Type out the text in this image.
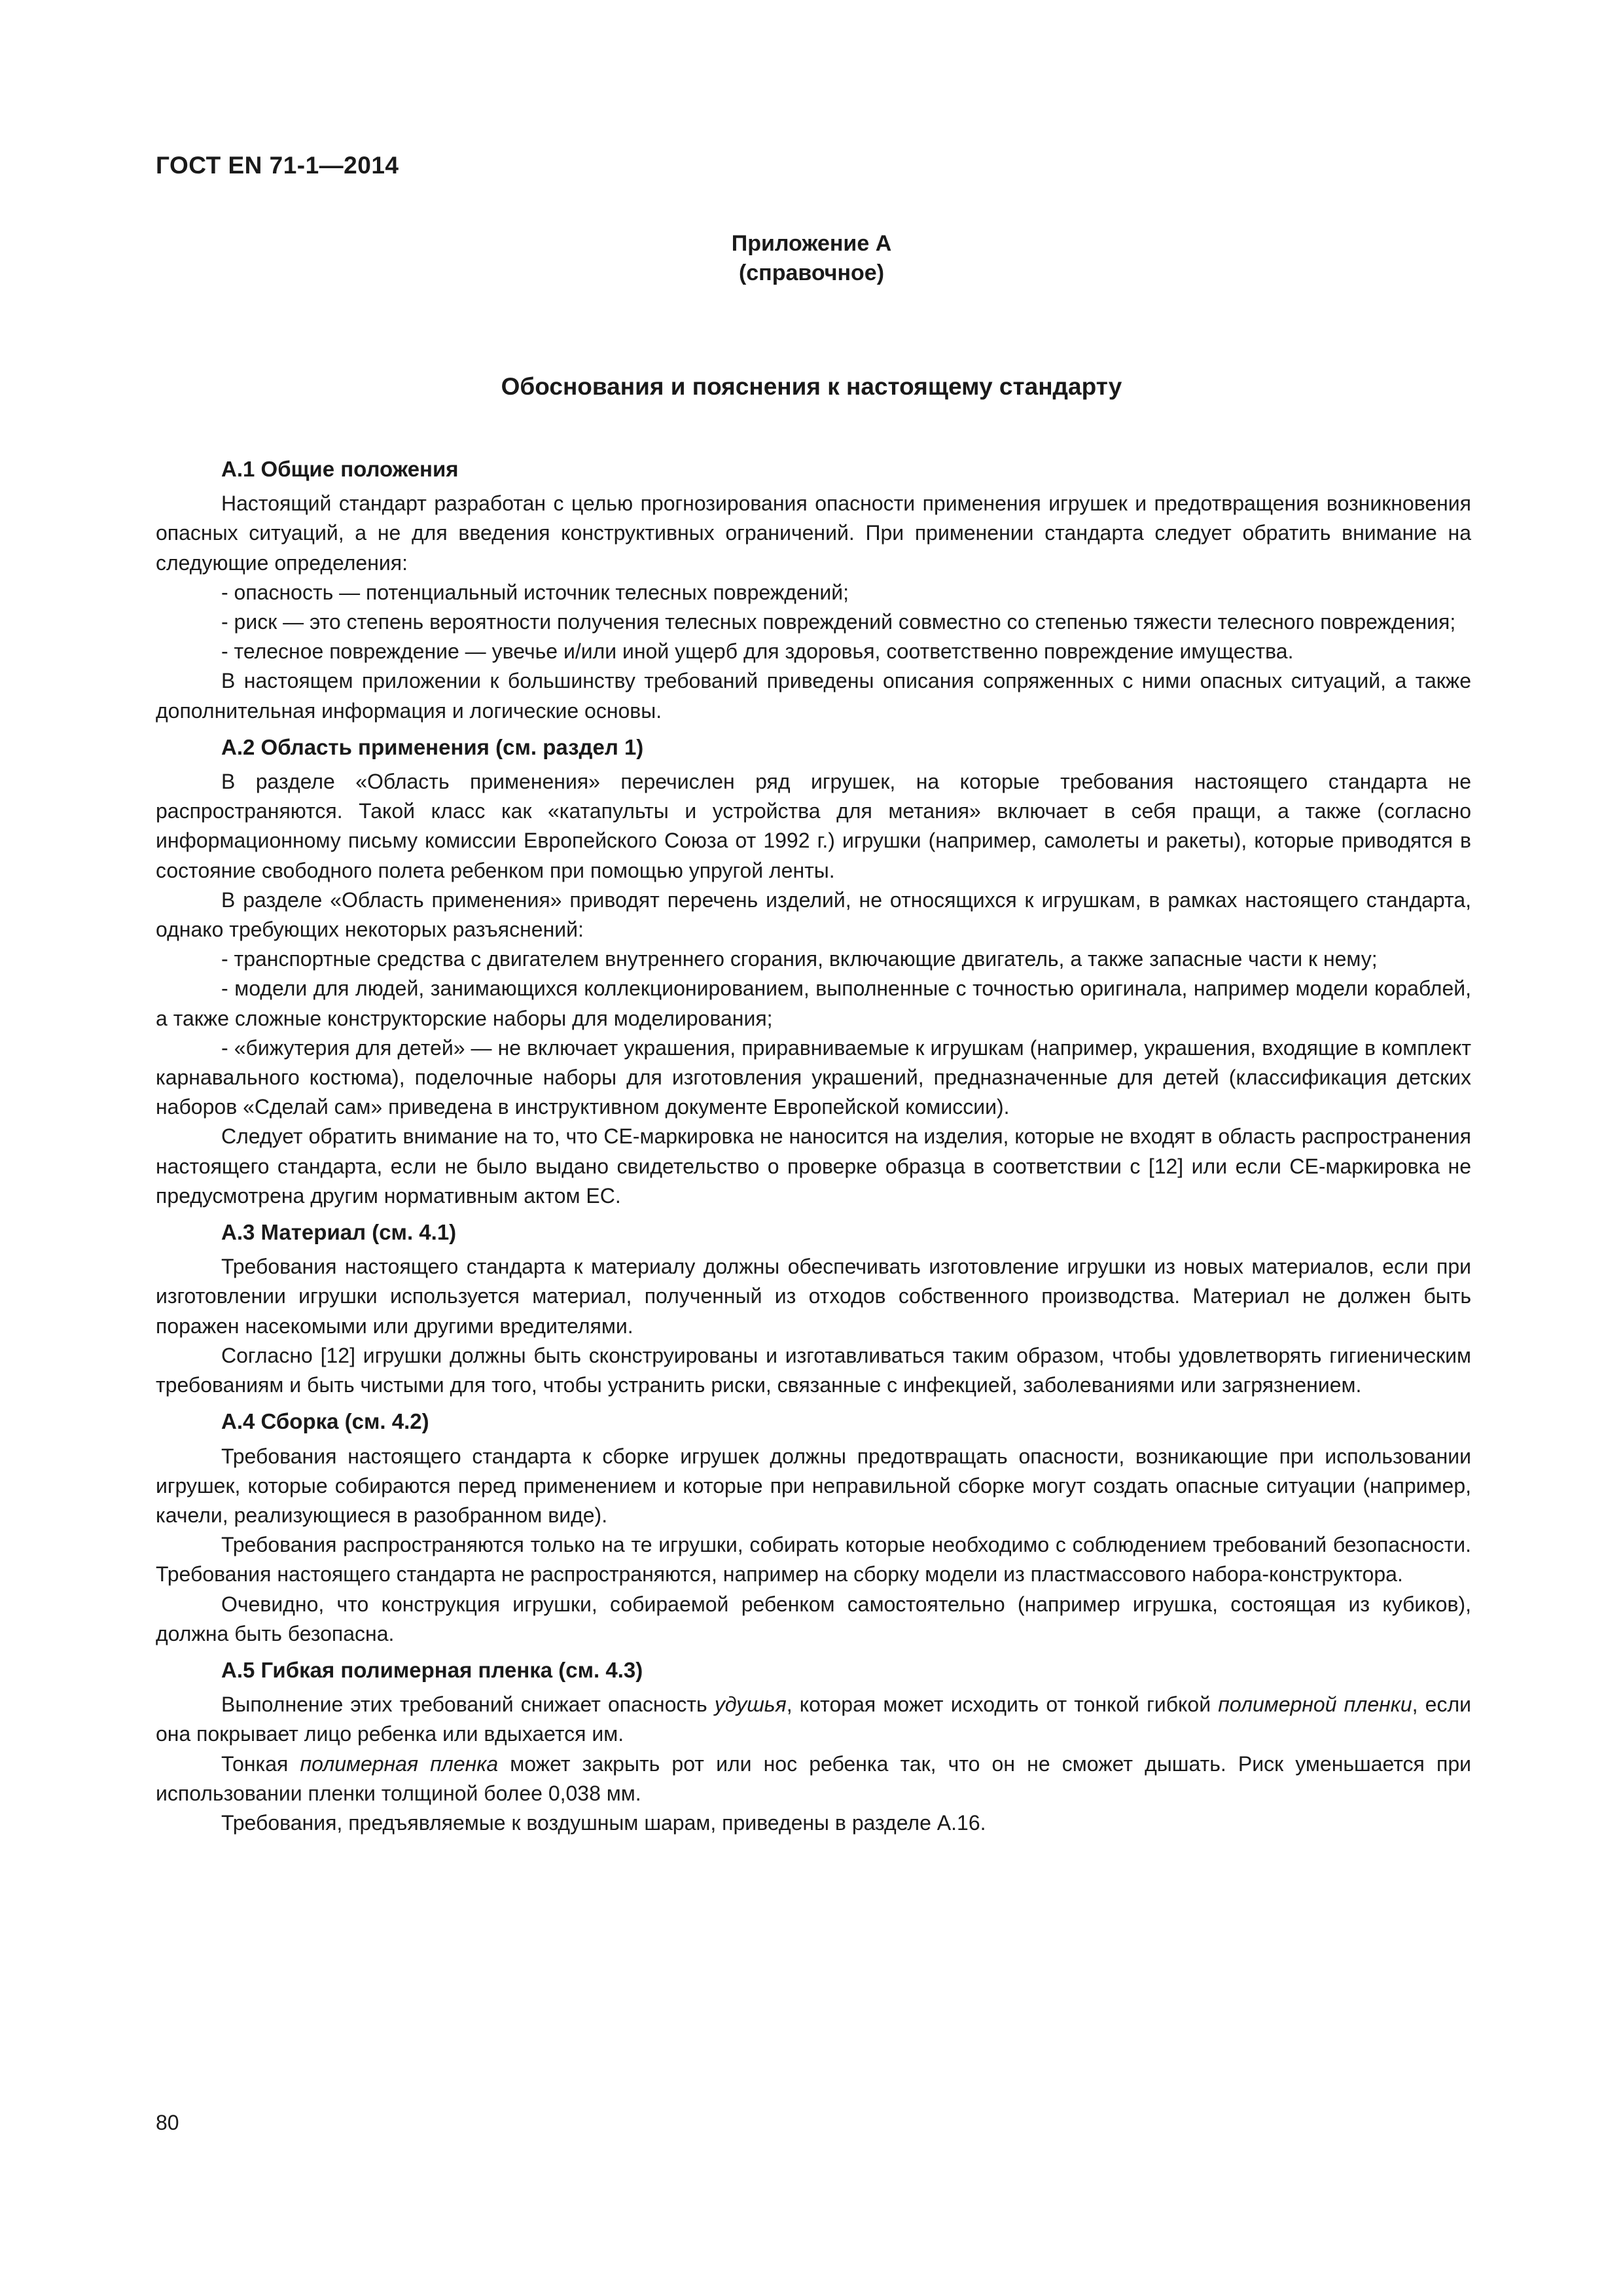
ГОСТ EN 71-1—2014
Приложение А
(справочное)
Обоснования и пояснения к настоящему стандарту
А.1 Общие положения

Настоящий стандарт разработан с целью прогнозирования опасности применения игрушек и предотвращения возникновения опасных ситуаций, а не для введения конструктивных ограничений. При применении стандарта следует обратить внимание на следующие определения:

- опасность — потенциальный источник телесных повреждений;

- риск — это степень вероятности получения телесных повреждений совместно со степенью тяжести телесного повреждения;

- телесное повреждение — увечье и/или иной ущерб для здоровья, соответственно повреждение имущества.

В настоящем приложении к большинству требований приведены описания сопряженных с ними опасных ситуаций, а также дополнительная информация и логические основы.

А.2 Область применения (см. раздел 1)

В разделе «Область применения» перечислен ряд игрушек, на которые требования настоящего стандарта не распространяются. Такой класс как «катапульты и устройства для метания» включает в себя пращи, а также (согласно информационному письму комиссии Европейского Союза от 1992 г.) игрушки (например, самолеты и ракеты), которые приводятся в состояние свободного полета ребенком при помощью упругой ленты.

В разделе «Область применения» приводят перечень изделий, не относящихся к игрушкам, в рамках настоящего стандарта, однако требующих некоторых разъяснений:

- транспортные средства с двигателем внутреннего сгорания, включающие двигатель, а также запасные части к нему;

- модели для людей, занимающихся коллекционированием, выполненные с точностью оригинала, например модели кораблей, а также сложные конструкторские наборы для моделирования;

- «бижутерия для детей» — не включает украшения, приравниваемые к игрушкам (например, украшения, входящие в комплект карнавального костюма), поделочные наборы для изготовления украшений, предназначенные для детей (классификация детских наборов «Сделай сам» приведена в инструктивном документе Европейской комиссии).

Следует обратить внимание на то, что СЕ-маркировка не наносится на изделия, которые не входят в область распространения настоящего стандарта, если не было выдано свидетельство о проверке образца в соответствии с [12] или если СЕ-маркировка не предусмотрена другим нормативным актом ЕС.

А.3 Материал (см. 4.1)

Требования настоящего стандарта к материалу должны обеспечивать изготовление игрушки из новых материалов, если при изготовлении игрушки используется материал, полученный из отходов собственного производства. Материал не должен быть поражен насекомыми или другими вредителями.

Согласно [12] игрушки должны быть сконструированы и изготавливаться таким образом, чтобы удовлетворять гигиеническим требованиям и быть чистыми для того, чтобы устранить риски, связанные с инфекцией, заболеваниями или загрязнением.

А.4 Сборка (см. 4.2)

Требования настоящего стандарта к сборке игрушек должны предотвращать опасности, возникающие при использовании игрушек, которые собираются перед применением и которые при неправильной сборке могут создать опасные ситуации (например, качели, реализующиеся в разобранном виде).

Требования распространяются только на те игрушки, собирать которые необходимо с соблюдением требований безопасности. Требования настоящего стандарта не распространяются, например на сборку модели из пластмассового набора-конструктора.

Очевидно, что конструкция игрушки, собираемой ребенком самостоятельно (например игрушка, состоящая из кубиков), должна быть безопасна.

А.5 Гибкая полимерная пленка (см. 4.3)

Выполнение этих требований снижает опасность удушья, которая может исходить от тонкой гибкой полимерной пленки, если она покрывает лицо ребенка или вдыхается им.

Тонкая полимерная пленка может закрыть рот или нос ребенка так, что он не сможет дышать. Риск уменьшается при использовании пленки толщиной более 0,038 мм.

Требования, предъявляемые к воздушным шарам, приведены в разделе А.16.

80
